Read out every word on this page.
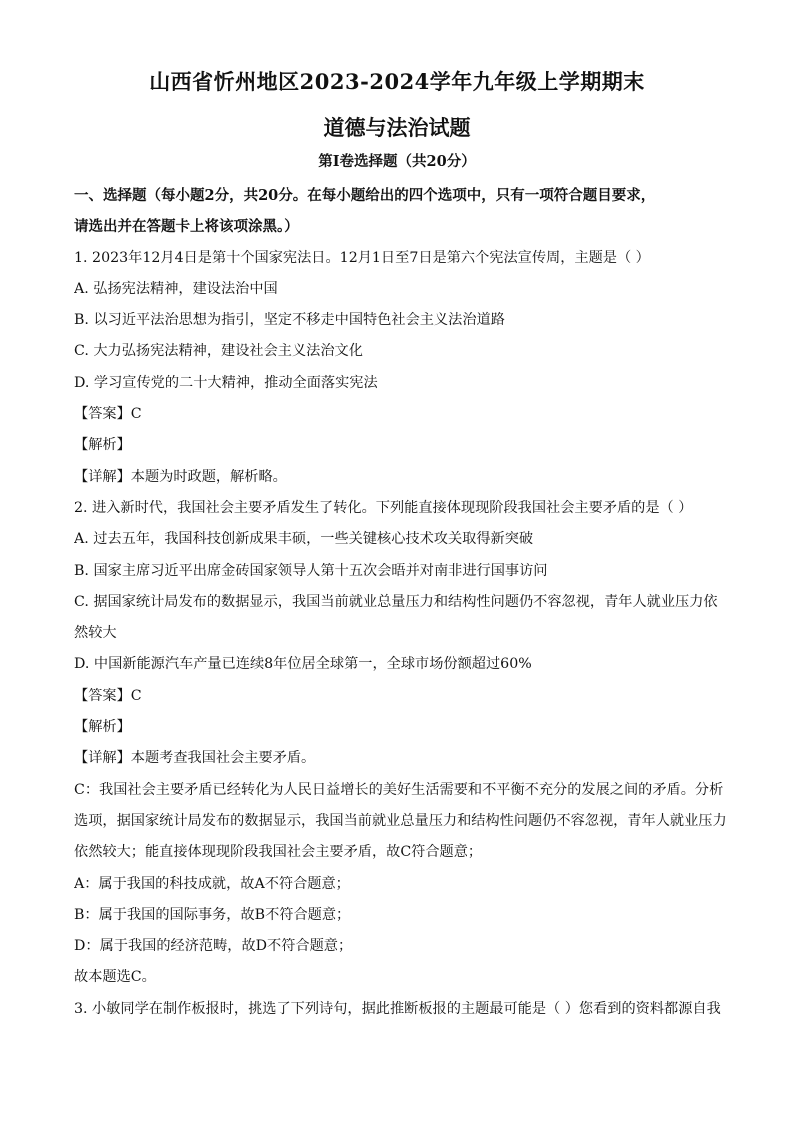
山西省忻州地区2023-2024学年九年级上学期期末
道德与法治试题
第Ⅰ卷选择题（共20分）
一、选择题（每小题2分，共20分。在每小题给出的四个选项中，只有一项符合题目要求，
请选出并在答题卡上将该项涂黑。）
1. 2023年12月4日是第十个国家宪法日。12月1日至7日是第六个宪法宣传周，主题是（ ）
A. 弘扬宪法精神，建设法治中国
B. 以习近平法治思想为指引，坚定不移走中国特色社会主义法治道路
C. 大力弘扬宪法精神，建设社会主义法治文化
D. 学习宣传党的二十大精神，推动全面落实宪法
【答案】C
【解析】
【详解】本题为时政题，解析略。
2. 进入新时代，我国社会主要矛盾发生了转化。下列能直接体现现阶段我国社会主要矛盾的是（ ）
A. 过去五年，我国科技创新成果丰硕，一些关键核心技术攻关取得新突破
B. 国家主席习近平出席金砖国家领导人第十五次会晤并对南非进行国事访问
C. 据国家统计局发布的数据显示，我国当前就业总量压力和结构性问题仍不容忽视，青年人就业压力依
然较大
D. 中国新能源汽车产量已连续8年位居全球第一，全球市场份额超过60%
【答案】C
【解析】
【详解】本题考查我国社会主要矛盾。
C：我国社会主要矛盾已经转化为人民日益增长的美好生活需要和不平衡不充分的发展之间的矛盾。分析
选项，据国家统计局发布的数据显示，我国当前就业总量压力和结构性问题仍不容忽视，青年人就业压力
依然较大；能直接体现现阶段我国社会主要矛盾，故C符合题意；
A：属于我国的科技成就，故A不符合题意；
B：属于我国的国际事务，故B不符合题意；
D：属于我国的经济范畴，故D不符合题意；
故本题选C。
3. 小敏同学在制作板报时，挑选了下列诗句，据此推断板报的主题最可能是（ ）您看到的资料都源自我
